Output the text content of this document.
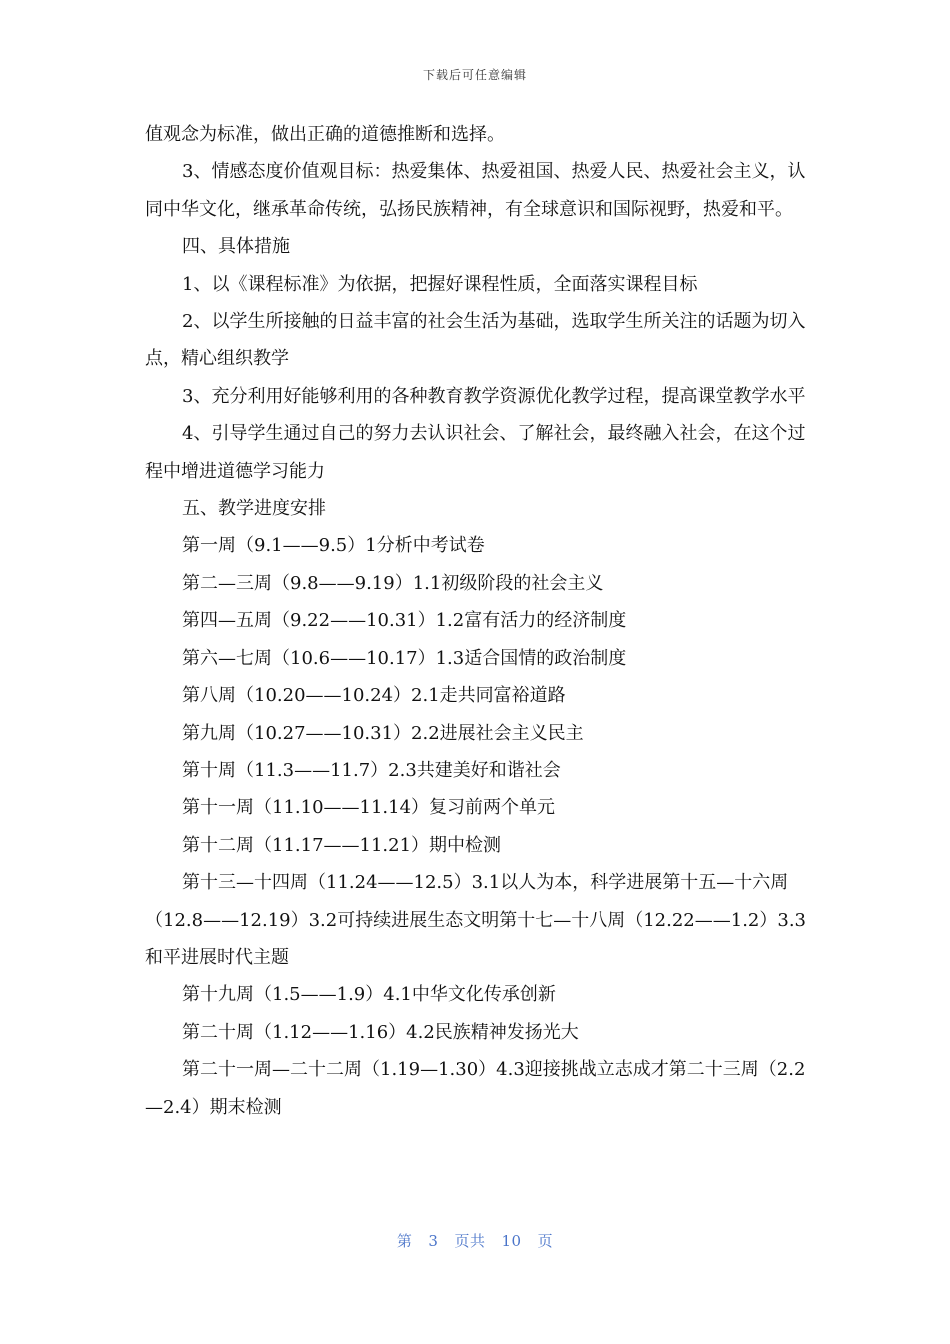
下载后可任意编辑

值观念为标准，做出正确的道德推断和选择。

3、情感态度价值观目标：热爱集体、热爱祖国、热爱人民、热爱社会主义，认同中华文化，继承革命传统，弘扬民族精神，有全球意识和国际视野，热爱和平。

四、具体措施

1、以《课程标准》为依据，把握好课程性质，全面落实课程目标

2、以学生所接触的日益丰富的社会生活为基础，选取学生所关注的话题为切入点，精心组织教学

3、充分利用好能够利用的各种教育教学资源优化教学过程，提高课堂教学水平

4、引导学生通过自己的努力去认识社会、了解社会，最终融入社会，在这个过程中增进道德学习能力

五、教学进度安排

第一周（9.1——9.5）1分析中考试卷

第二—三周（9.8——9.19）1.1初级阶段的社会主义

第四—五周（9.22——10.31）1.2富有活力的经济制度

第六—七周（10.6——10.17）1.3适合国情的政治制度

第八周（10.20——10.24）2.1走共同富裕道路

第九周（10.27——10.31）2.2进展社会主义民主

第十周（11.3——11.7）2.3共建美好和谐社会

第十一周（11.10——11.14）复习前两个单元

第十二周（11.17——11.21）期中检测

第十三—十四周（11.24——12.5）3.1以人为本，科学进展第十五—十六周（12.8——12.19）3.2可持续进展生态文明第十七—十八周（12.22——1.2）3.3和平进展时代主题

第十九周（1.5——1.9）4.1中华文化传承创新

第二十周（1.12——1.16）4.2民族精神发扬光大

第二十一周—二十二周（1.19—1.30）4.3迎接挑战立志成才第二十三周（2.2—2.4）期末检测

第 3 页共 10 页
